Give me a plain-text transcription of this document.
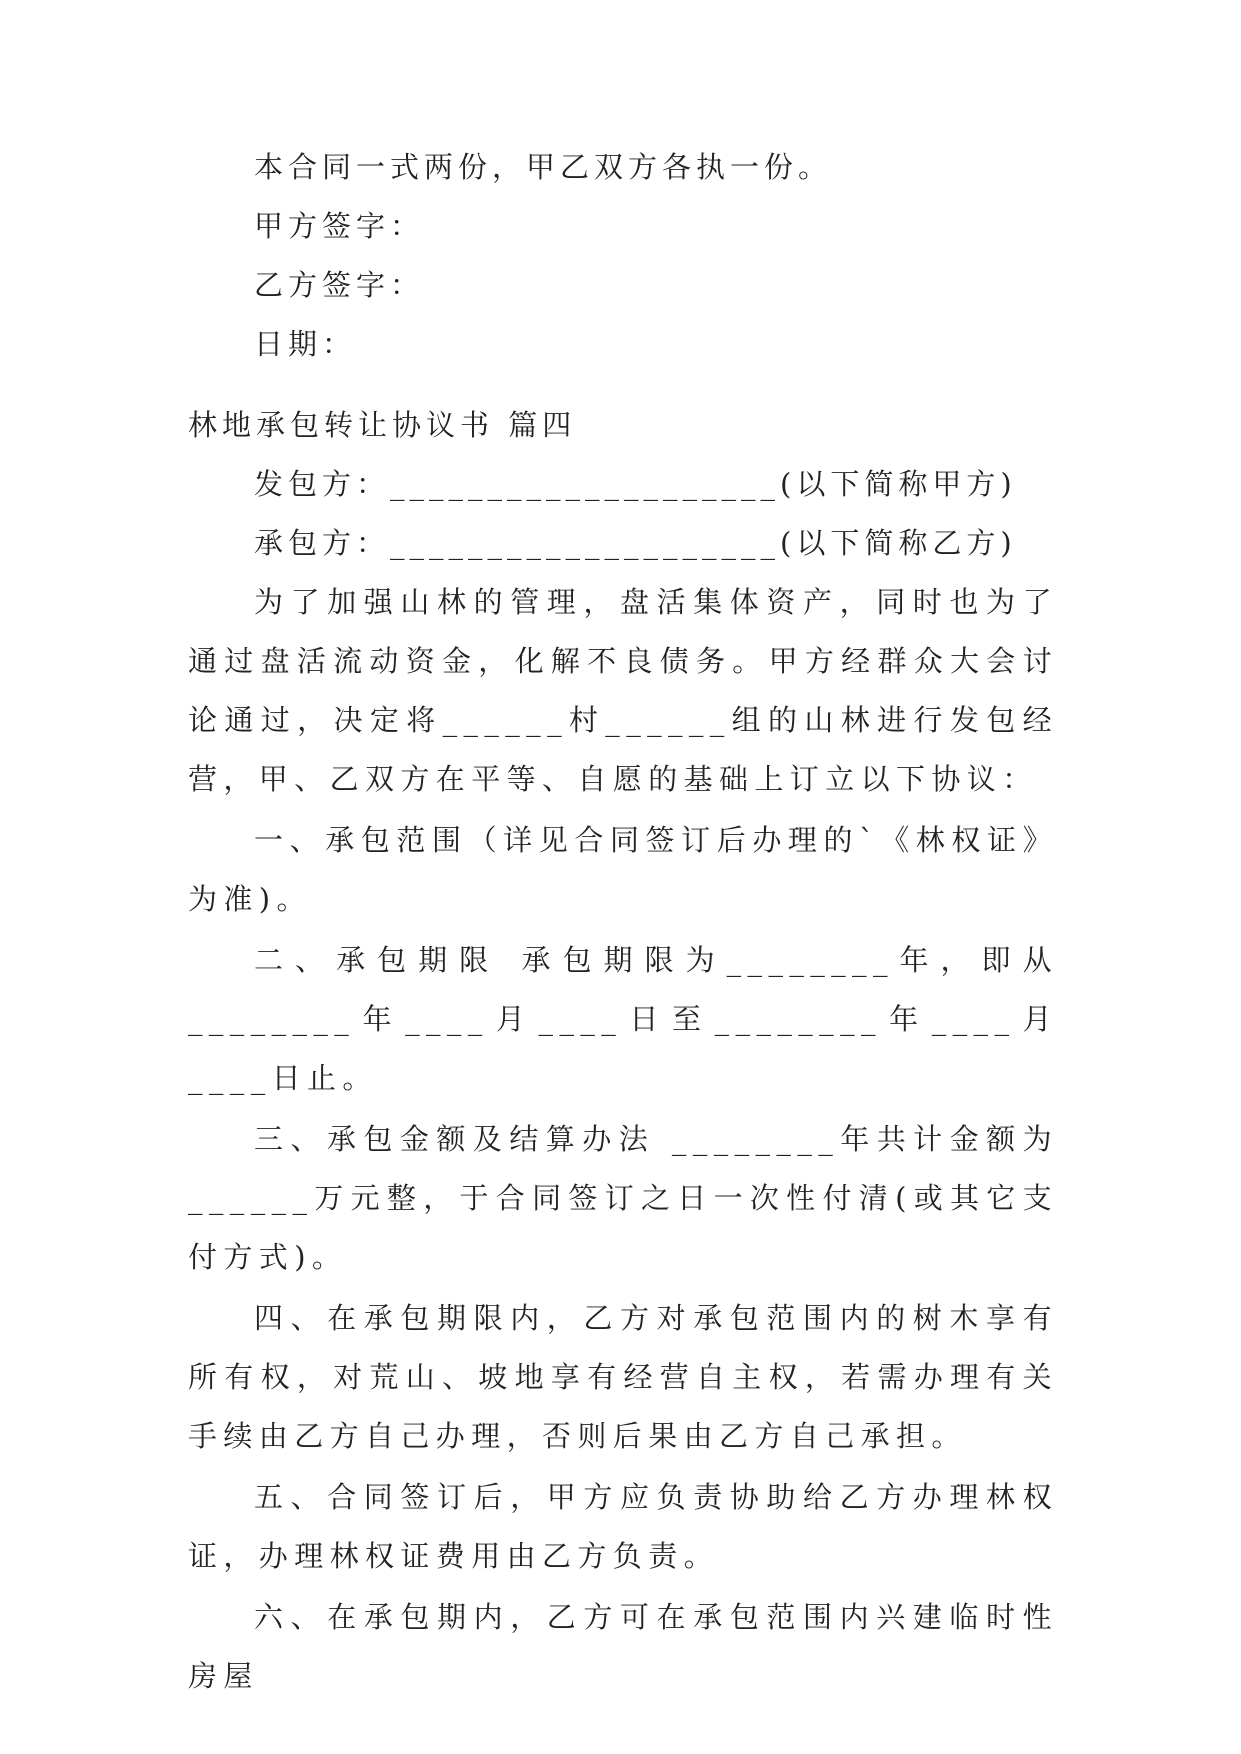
本合同一式两份，甲乙双方各执一份。

甲方签字：

乙方签字：

日期：

林地承包转让协议书 篇四

发包方：____________________(以下简称甲方)

承包方：____________________(以下简称乙方)

为了加强山林的管理，盘活集体资产，同时也为了通过盘活流动资金，化解不良债务。甲方经群众大会讨论通过，决定将______村______组的山林进行发包经营，甲、乙双方在平等、自愿的基础上订立以下协议：

一、承包范围（详见合同签订后办理的`《林权证》为准)。

二、承包期限 承包期限为________年，即从________年____月____日至________年____月____日止。

三、承包金额及结算办法 ________年共计金额为______万元整，于合同签订之日一次性付清(或其它支付方式)。

四、在承包期限内，乙方对承包范围内的树木享有所有权，对荒山、坡地享有经营自主权，若需办理有关手续由乙方自己办理，否则后果由乙方自己承担。

五、合同签订后，甲方应负责协助给乙方办理林权证，办理林权证费用由乙方负责。

六、在承包期内，乙方可在承包范围内兴建临时性房屋
